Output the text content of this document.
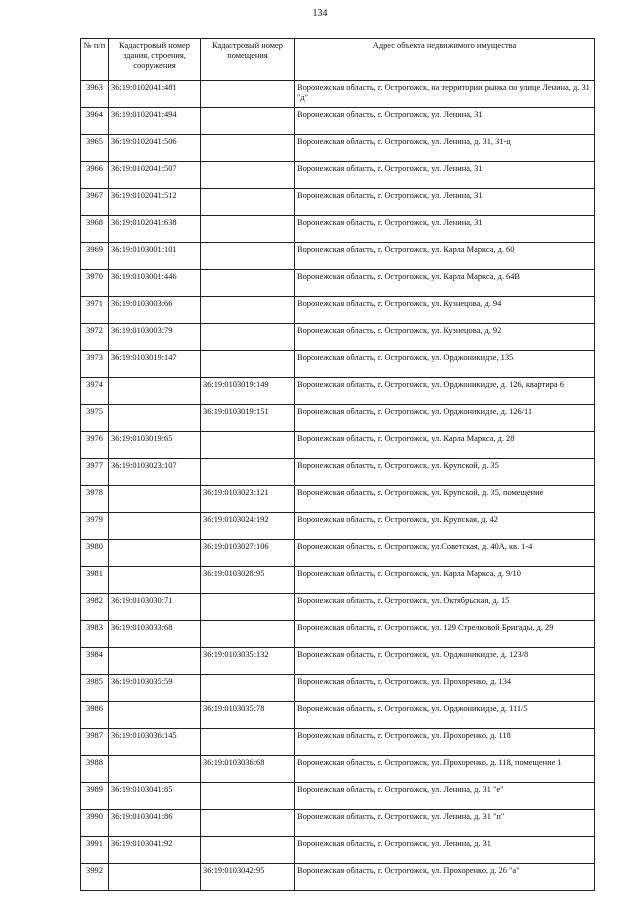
134
№ п/п	Кадастровый номер здания, строения, сооружения	Кадастровый номер помещения	Адрес объекта недвижимого имущества
3963	36:19:0102041:481		Воронежская область, г. Острогожск, на территории рынка по улице Ленина, д. 31 "д"
3964	36:19:0102041:494		Воронежская область, г. Острогожск, ул. Ленина, 31
3965	36:19:0102041:506		Воронежская область, г. Острогожск, ул. Ленина, д. 31, 31-ц
3966	36:19:0102041:507		Воронежская область, г. Острогожск, ул. Ленина, 31
3967	36:19:0102041:512		Воронежская область, г. Острогожск, ул. Ленина, 31
3968	36:19:0102041:638		Воронежская область, г. Острогожск, ул. Ленина, 31
3969	36:19:0103001:101		Воронежская область, г. Острогожск, ул. Карла Маркса, д. 60
3970	36:19:0103001:446		Воронежская область, г. Острогожск, ул. Карла Маркса, д. 64В
3971	36:19:0103003:66		Воронежская область, г. Острогожск, ул. Кузнецова, д. 94
3972	36:19:0103003:79		Воронежская область, г. Острогожск, ул. Кузнецова, д. 92
3973	36:19:0103019:147		Воронежская область, г. Острогожск, ул. Орджоникидзе, 135
3974		36:19:0103019:149	Воронежская область, г. Острогожск, ул. Орджоникидзе, д. 126, квартира 6
3975		36:19:0103019:151	Воронежская область, г. Острогожск, ул. Орджоникидзе, д. 126/11
3976	36:19:0103019:65		Воронежская область, г. Острогожск, ул. Карла Маркса, д. 28
3977	36:19:0103023:107		Воронежская область, г. Острогожск, ул. Крупской, д. 35
3978		36:19:0103023:121	Воронежская область, г. Острогожск, ул. Крупской, д. 35, помещение
3979		36:19:0103024:192	Воронежская область, г. Острогожск, ул. Крупская, д. 42
3980		36:19:0103027:106	Воронежская область, г. Острогожск, ул.Советская, д. 40А, кв. 1-4
3981		36:19:0103028:95	Воронежская область, г. Острогожск, ул. Карла Маркса, д. 9/10
3982	36:19:0103030:71		Воронежская область, г. Острогожск, ул. Октябрьская, д. 15
3983	36:19:0103033:68		Воронежская область, г. Острогожск, ул. 129 Стрелковой Бригады, д. 29
3984		36:19:0103035:132	Воронежская область, г. Острогожск, ул. Орджоникидзе, д. 123/8
3985	36:19:0103035:59		Воронежская область, г. Острогожск, ул. Прохоренко, д. 134
3986		36:19:0103035:78	Воронежская область, г. Острогожск, ул. Орджоникидзе, д. 111/5
3987	36:19:0103036:145		Воронежская область, г. Острогожск, ул. Прохоренко, д. 118
3988		36:19:0103036:68	Воронежская область, г. Острогожск, ул. Прохоренко, д. 118, помещение 1
3989	36:19:0103041:85		Воронежская область, г. Острогожск, ул. Ленина, д. 31 "е"
3990	36:19:0103041:86		Воронежская область, г. Острогожск, ул. Ленина, д. 31 "п"
3991	36:19:0103041:92		Воронежская область, г. Острогожск, ул. Ленина, д. 31
3992		36:19:0103042:95	Воронежская область, г. Острогожск, ул. Прохоренко, д. 26 "а"
